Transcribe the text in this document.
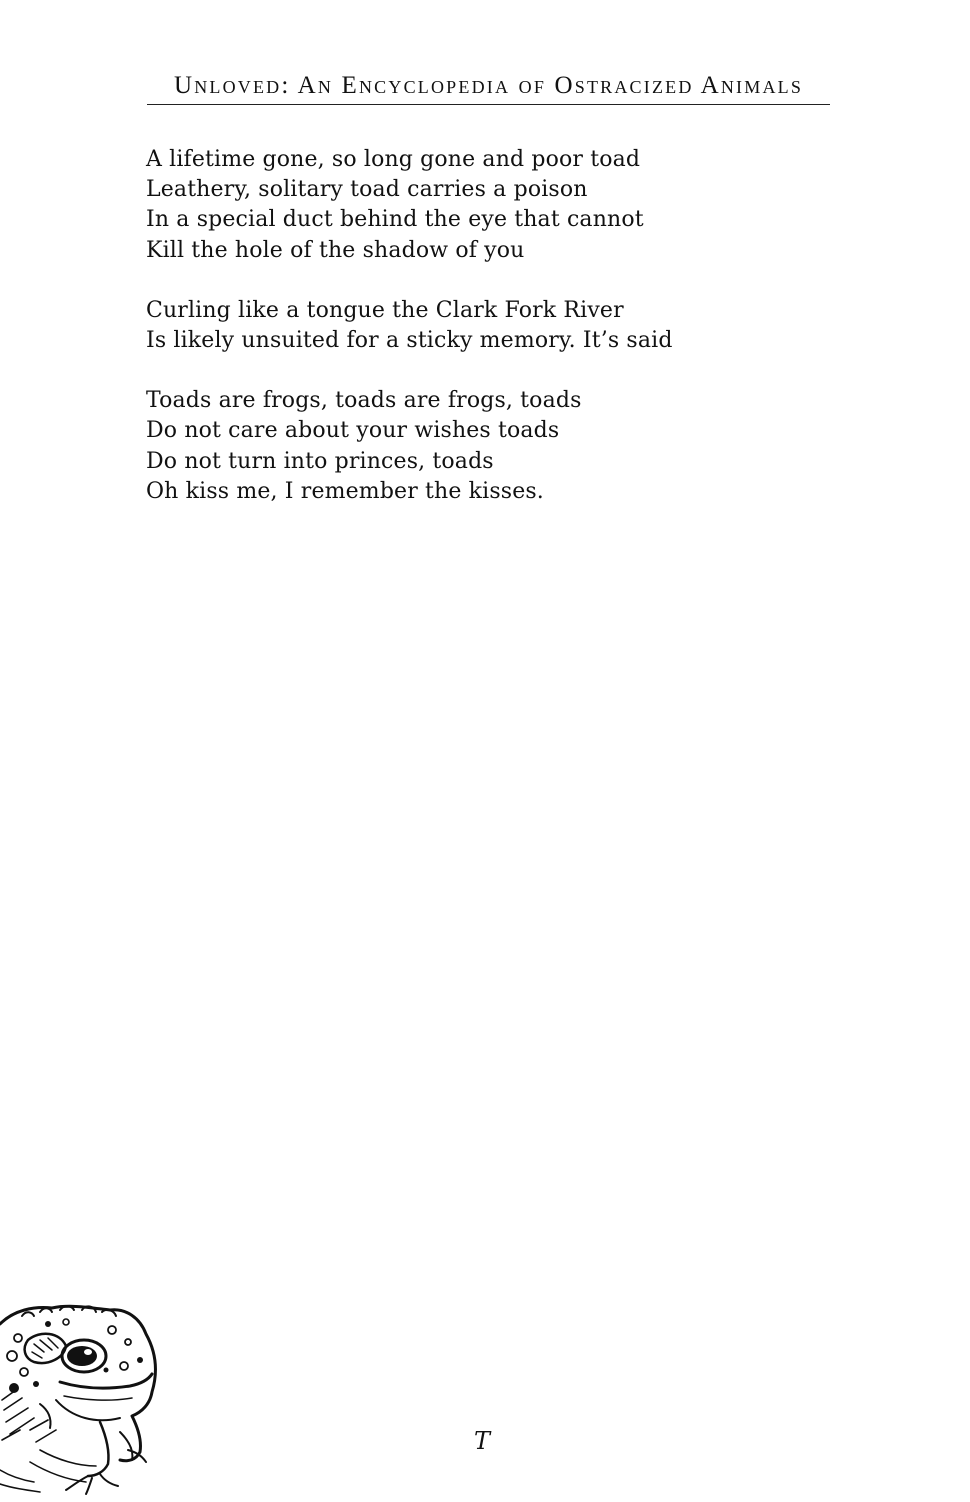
Unloved: An Encyclopedia of Ostracized Animals
A lifetime gone, so long gone and poor toad
Leathery, solitary toad carries a poison
In a special duct behind the eye that cannot
Kill the hole of the shadow of you
Curling like a tongue the Clark Fork River
Is likely unsuited for a sticky memory. It’s said
Toads are frogs, toads are frogs, toads
Do not care about your wishes toads
Do not turn into princes, toads
Oh kiss me, I remember the kisses.
T
